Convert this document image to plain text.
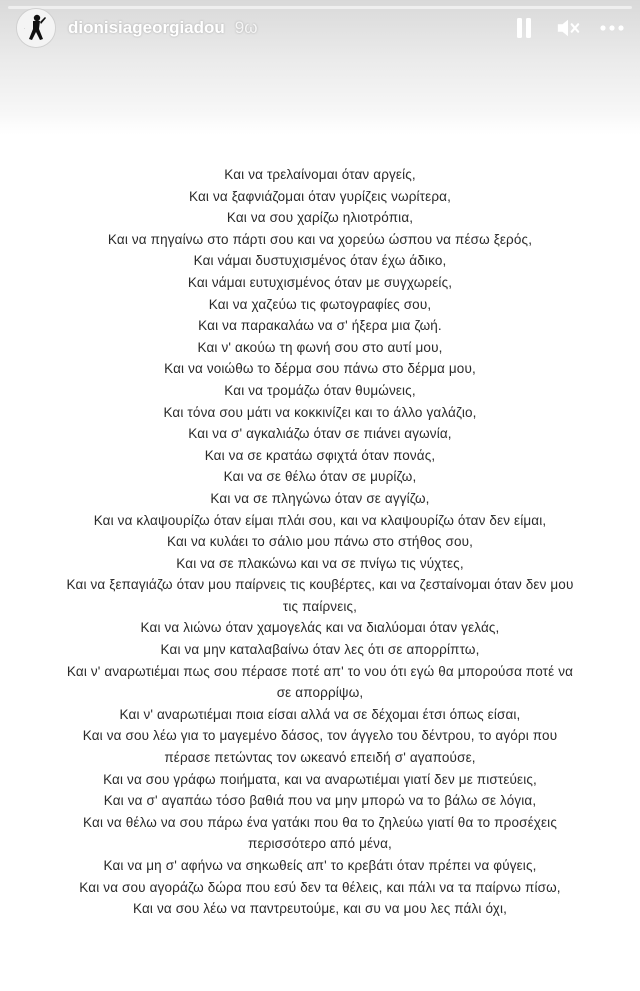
·	dionisiageorgiadou 9ω
Και να τρελαίνομαι όταν αργείς,
Και να ξαφνιάζομαι όταν γυρίζεις νωρίτερα,
Και να σου χαρίζω ηλιοτρόπια,
Και να πηγαίνω στο πάρτι σου και να χορεύω ώσπου να πέσω ξερός,
Και νάμαι δυστυχισμένος όταν έχω άδικο,
Και νάμαι ευτυχισμένος όταν με συγχωρείς,
Και να χαζεύω τις φωτογραφίες σου,
Και να παρακαλάω να σ' ήξερα μια ζωή.
Και ν' ακούω τη φωνή σου στο αυτί μου,
Και να νοιώθω το δέρμα σου πάνω στο δέρμα μου,
Και να τρομάζω όταν θυμώνεις,
Και τόνα σου μάτι να κοκκινίζει και το άλλο γαλάζιο,
Και να σ' αγκαλιάζω όταν σε πιάνει αγωνία,
Και να σε κρατάω σφιχτά όταν πονάς,
Και να σε θέλω όταν σε μυρίζω,
Και να σε πληγώνω όταν σε αγγίζω,
Και να κλαψουρίζω όταν είμαι πλάι σου, και να κλαψουρίζω όταν δεν είμαι,
Και να κυλάει το σάλιο μου πάνω στο στήθος σου,
Και να σε πλακώνω και να σε πνίγω τις νύχτες,
Και να ξεπαγιάζω όταν μου παίρνεις τις κουβέρτες, και να ζεσταίνομαι όταν δεν μου τις παίρνεις,
Και να λιώνω όταν χαμογελάς και να διαλύομαι όταν γελάς,
Και να μην καταλαβαίνω όταν λες ότι σε απορρίπτω,
Και ν' αναρωτιέμαι πως σου πέρασε ποτέ απ' το νου ότι εγώ θα μπορούσα ποτέ να σε απορρίψω,
Και ν' αναρωτιέμαι ποια είσαι αλλά να σε δέχομαι έτσι όπως είσαι,
Και να σου λέω για το μαγεμένο δάσος, τον άγγελο του δέντρου, το αγόρι που πέρασε πετώντας τον ωκεανό επειδή σ' αγαπούσε,
Και να σου γράφω ποιήματα, και να αναρωτιέμαι γιατί δεν με πιστεύεις,
Και να σ' αγαπάω τόσο βαθιά που να μην μπορώ να το βάλω σε λόγια,
Και να θέλω να σου πάρω ένα γατάκι που θα το ζηλεύω γιατί θα το προσέχεις περισσότερο από μένα,
Και να μη σ' αφήνω να σηκωθείς απ' το κρεβάτι όταν πρέπει να φύγεις,
Και να σου αγοράζω δώρα που εσύ δεν τα θέλεις, και πάλι να τα παίρνω πίσω,
Και να σου λέω να παντρευτούμε, και συ να μου λες πάλι όχι,
